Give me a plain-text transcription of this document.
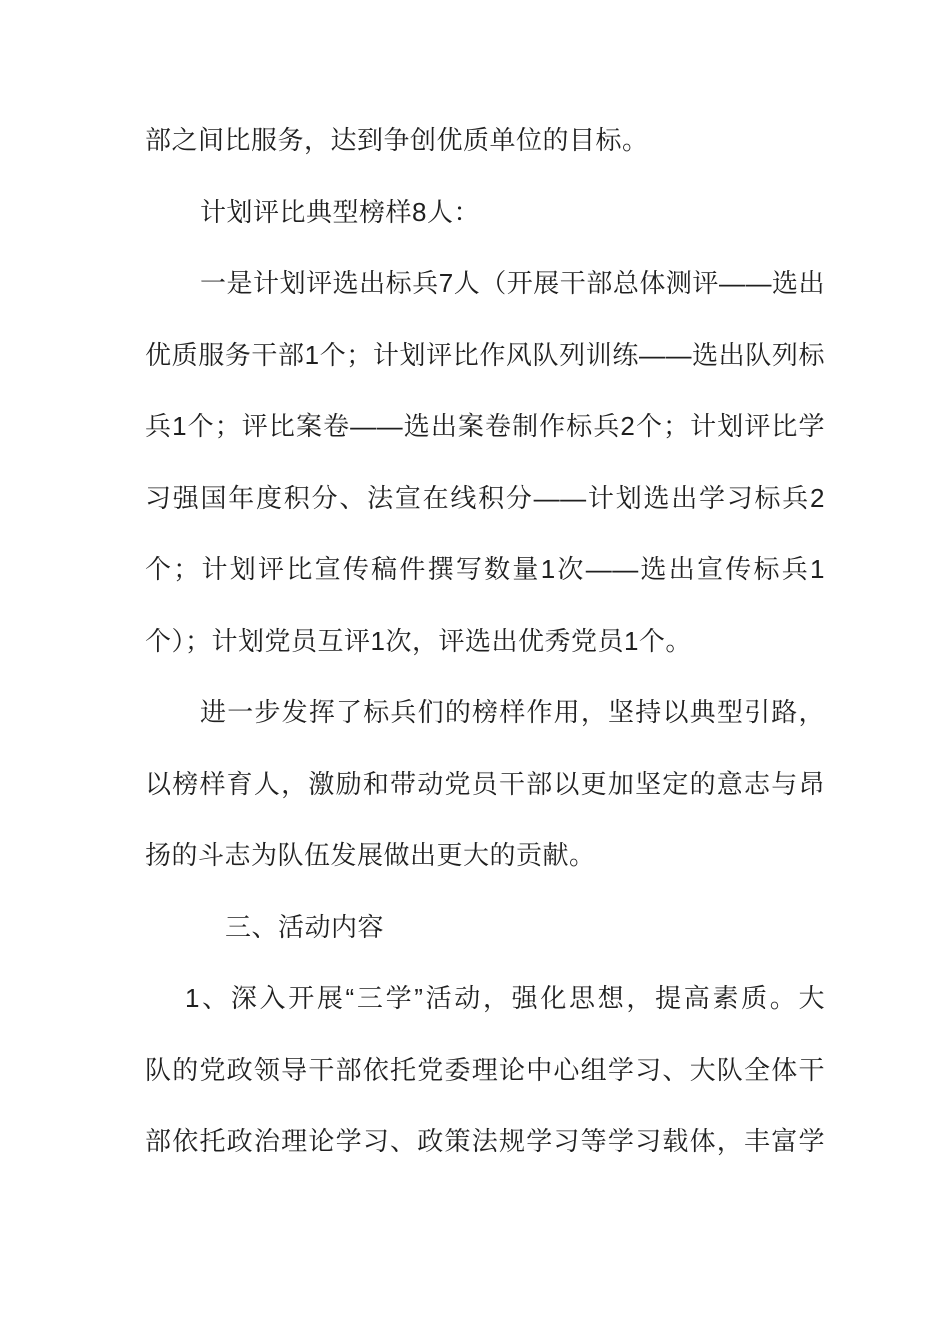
部之间比服务，达到争创优质单位的目标。
计划评比典型榜样8人：
一是计划评选出标兵7人（开展干部总体测评——选出
优质服务干部1个；计划评比作风队列训练——选出队列标
兵1个；评比案卷——选出案卷制作标兵2个；计划评比学
习强国年度积分、法宣在线积分——计划选出学习标兵2
个；计划评比宣传稿件撰写数量1次——选出宣传标兵1
个）；计划党员互评1次，评选出优秀党员1个。
进一步发挥了标兵们的榜样作用，坚持以典型引路，
以榜样育人，激励和带动党员干部以更加坚定的意志与昂
扬的斗志为队伍发展做出更大的贡献。
三、活动内容
1、深入开展“三学”活动，强化思想，提高素质。大
队的党政领导干部依托党委理论中心组学习、大队全体干
部依托政治理论学习、政策法规学习等学习载体，丰富学
